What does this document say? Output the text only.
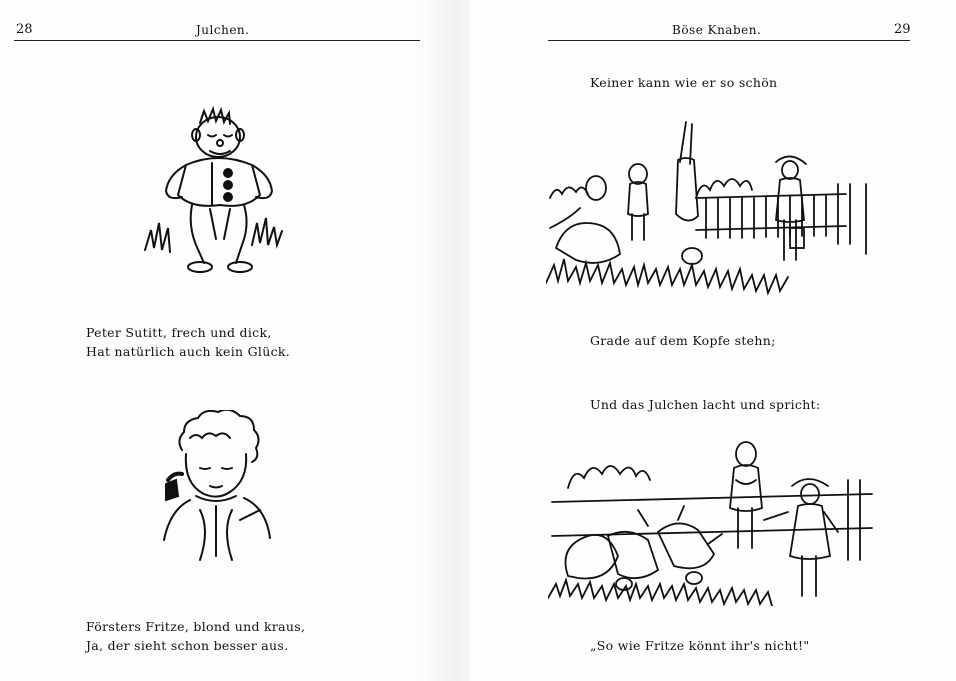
28	Julchen.	Böse Knaben.	29
Peter Sutitt, frech und dick,
Hat natürlich auch kein Glück.
Försters Fritze, blond und kraus,
Ja, der sieht schon besser aus.
Keiner kann wie er so schön
Grade auf dem Kopfe stehn;
Und das Julchen lacht und spricht:
„So wie Fritze könnt ihr's nicht!"
